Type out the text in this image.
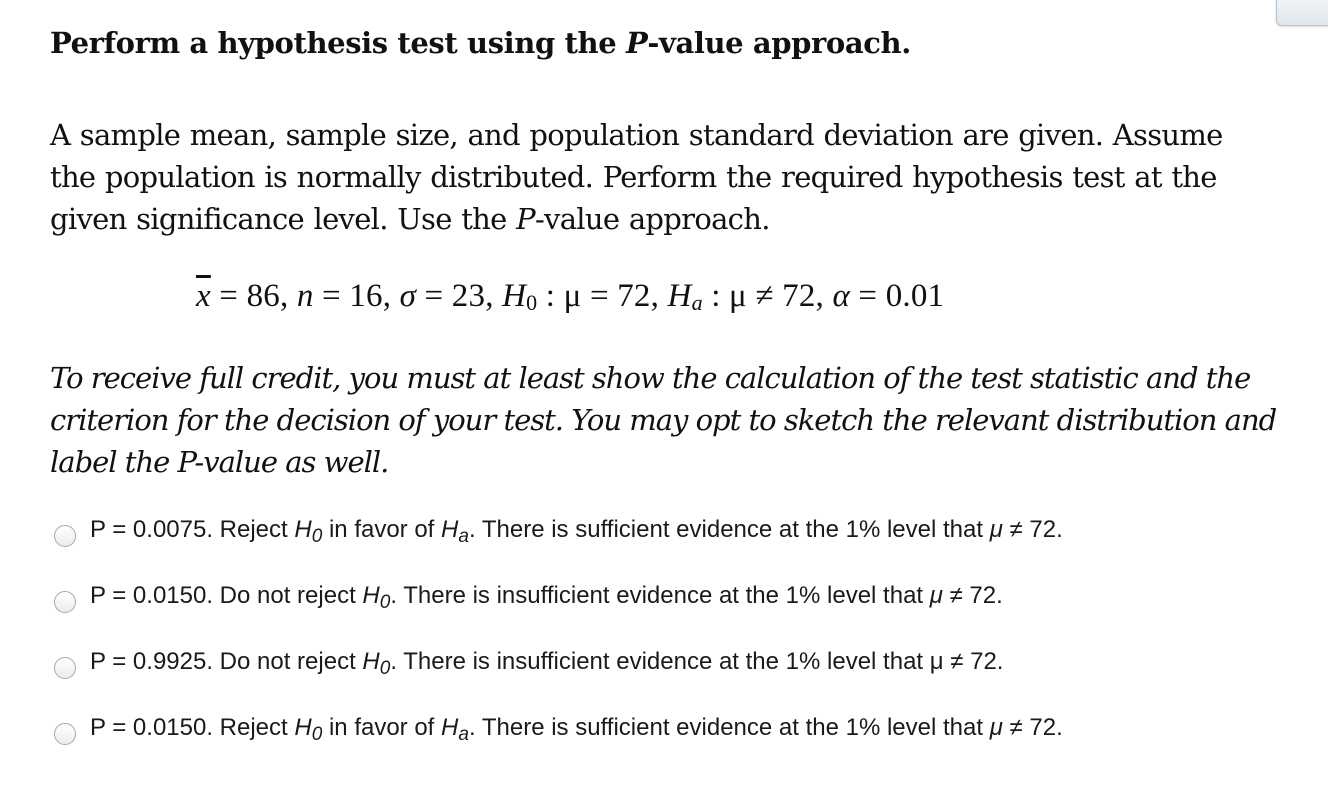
Perform a hypothesis test using the P-value approach.

A sample mean, sample size, and population standard deviation are given. Assume
the population is normally distributed. Perform the required hypothesis test at the
given significance level. Use the P-value approach.

$\overline{x} = 86$, n = 16, σ = 23, $H_0$ : μ = 72, $H_a$ : μ ≠ 72, α = 0.01

To receive full credit, you must at least show the calculation of the test statistic and the
criterion for the decision of your test. You may opt to sketch the relevant distribution and
label the P-value as well.

P = 0.0075. Reject $H_0$ in favor of $H_a$. There is sufficient evidence at the 1% level that μ ≠ 72.
P = 0.0150. Do not reject $H_0$. There is insufficient evidence at the 1% level that μ ≠ 72.
P = 0.9925. Do not reject $H_0$. There is insufficient evidence at the 1% level that μ ≠ 72.
P = 0.0150. Reject $H_0$ in favor of $H_a$. There is sufficient evidence at the 1% level that μ ≠ 72.
